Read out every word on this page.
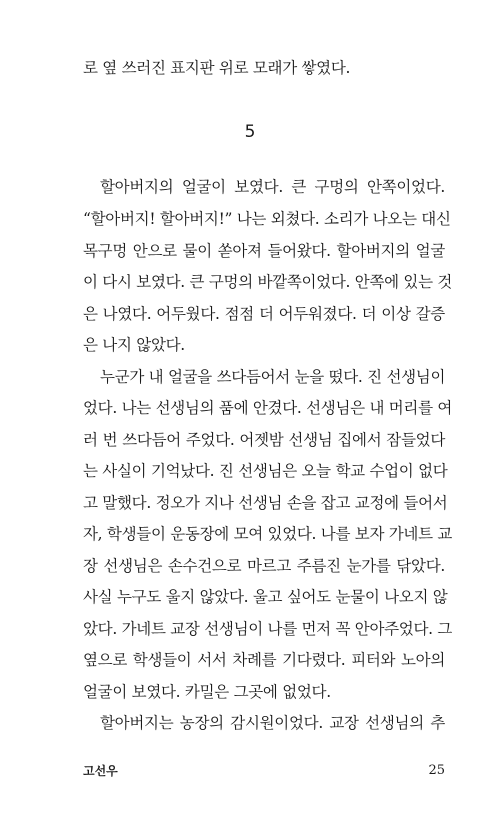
로 옆 쓰러진 표지판 위로 모래가 쌓였다.
5
할아버지의 얼굴이 보였다. 큰 구멍의 안쪽이었다.
“할아버지! 할아버지!” 나는 외쳤다. 소리가 나오는 대신
목구멍 안으로 물이 쏟아져 들어왔다. 할아버지의 얼굴
이 다시 보였다. 큰 구멍의 바깥쪽이었다. 안쪽에 있는 것
은 나였다. 어두웠다. 점점 더 어두워졌다. 더 이상 갈증
은 나지 않았다.
누군가 내 얼굴을 쓰다듬어서 눈을 떴다. 진 선생님이
었다. 나는 선생님의 품에 안겼다. 선생님은 내 머리를 여
러 번 쓰다듬어 주었다. 어젯밤 선생님 집에서 잠들었다
는 사실이 기억났다. 진 선생님은 오늘 학교 수업이 없다
고 말했다. 정오가 지나 선생님 손을 잡고 교정에 들어서
자, 학생들이 운동장에 모여 있었다. 나를 보자 가네트 교
장 선생님은 손수건으로 마르고 주름진 눈가를 닦았다.
사실 누구도 울지 않았다. 울고 싶어도 눈물이 나오지 않
았다. 가네트 교장 선생님이 나를 먼저 꼭 안아주었다. 그
옆으로 학생들이 서서 차례를 기다렸다. 피터와 노아의
얼굴이 보였다. 카밀은 그곳에 없었다.
할아버지는 농장의 감시원이었다. 교장 선생님의 추
고선우	25
